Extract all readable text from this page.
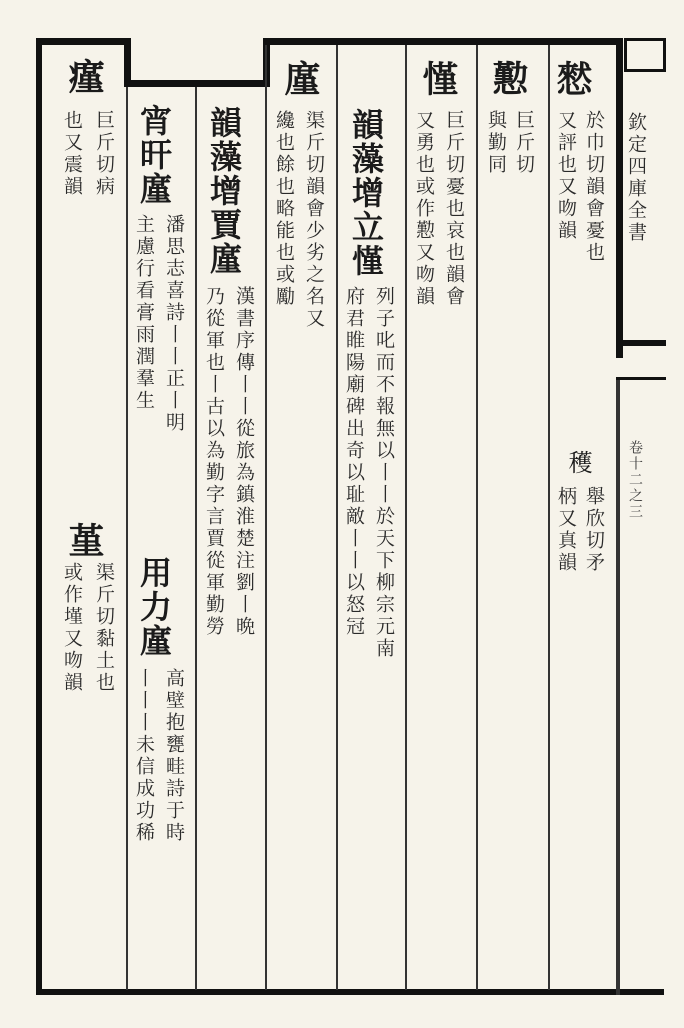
欽定四庫全書
卷十二之三
憖
於巾切韻會憂也
又評也又吻韻
穫
舉欣切矛
柄又真韻
懃
巨斤切
與勤同
慬
巨斤切憂也哀也韻會
又勇也或作懃又吻韻
韻藻增立慬
列子叱而不報無以丨丨於天下柳宗元南
府君睢陽廟碑出奇以耻敵丨丨以怒冠
廑
渠斤切韻會少劣之名又
纔也餘也略能也或勵
韻藻增賈廑
漢書序傳丨丨從旅為鎮淮楚注劉丨晩
乃從軍也丨古以為勤字言賈從軍勤勞
宵旰廑
潘思志喜詩丨丨正丨明
主慮行看膏雨潤羣生
用力廑
高壁抱甕畦詩于時
丨丨丨未信成功稀
瘽
巨斤切病
也又震韻
堇
渠斤切黏土也
或作墐又吻韻
